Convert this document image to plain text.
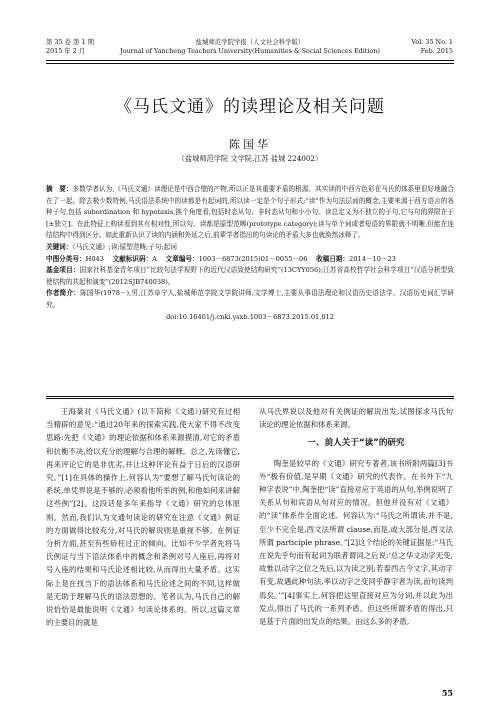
第 35 卷 第 1 期
2015 年 2 月
盐城师范学院学报（人文社会科学版）
Journal of Yancheng Teachers University(Humanities & Social Sciences Edition)
Vol. 35 No. 1
Feb. 2015
《马氏文通》的读理论及相关问题
陈国华
（盐城师范学院 文学院,江苏 盐城 224002）
摘　要：多数学者认为,《马氏文通》读理论是中西合璧的产物,所以正是其重要矛盾的根源。其实读的中西方色彩在马氏的体系里很好地融合在了一起。除去极少数特例,马氏语法系统中的读都是有起词的,所以读一定是个句子形式;“读”作为句法层面的概念,主要来源于西方语言的各种子句,包括 subordination 和 hypotaxis,换个角度看,包括时态从句、非时态从句和小小句。读总定义为不独立的子句,它与句的界限在于[±独立]。在此特征上构读看到其有相对性,所以句、读都是原型范畴(prototype category);读与单个词或者短语的界限就不明晰,但能在连结结构中得到区分。如此重新认识了读的内涵和外延之后,前辈学者指出的句读论的矛盾大多也就涣然冰释了。
关键词：《马氏文通》;读;原型范畴;子句;起词
中图分类号：H043　 文献标识码：A　 文章编号：1003－6873(2015)01－0055－06　 收稿日期：2014－10－23
基金项目：国家社科基金青年项目“比较句法学视野下的近代汉语致使结构研究”(13CYY056);江苏省高校哲学社会科学项目“汉语分析型致使结构的共起和演变”(2012SJB740038)。
作者简介：陈国华(1978－),男,江苏阜宁人,盐城师范学院文学院讲师,文学博士,主要从事语法理论和汉语历史语法学、汉语历史词汇学研究。
doi:10.16401/j.cnki.ysxb.1003－6873.2015.01.012

王海棻对《马氏文通》(以下简称《文通》)研究有过相当精辟的意见:“通过20年来的探索实践,使大家不得不改变思路:先把《文通》的理论依据和体系来源摸清,对它的矛盾和抗衡不决,给以充分的理解与合理的解释。总之,先读懂它,再来评论它的是非优劣,并让这种评论有益于日后的汉语研究。”[1]在具体的操作上,何容认为“要想了解马氏句读论的系统,单凭界说是不够的,必须看他所举的例,和他如何来讲解这些例”[2]。这段话是多年来指导《文通》研究的总体原则。然而,我们认为文通句读论的研究在注意《文通》例证的方面做得比较充分,对马氏的解说则是重视不够。在例证分析方面,甚至有些矫枉过正的倾向。比如不少学者先将马氏例证与当下语法体系中的概念和条例对号入座后,再将对号入座的结果和马氏论述相比较,从而得出大量矛盾。这实际上是在找当下的语法体系和马氏论述之间的不同,这样做是无助于理解马氏的语法思想的。笔者认为,马氏自己的解说恰恰是最能说明《文通》句读论体系的。所以,这篇文章的主要目的就是

从马氏界说以及他对有关例证的解说出发,试图探求马氏句读论的理论依据和体系来源。

一、前人关于“读”的研究

陶奎是较早的《文通》研究专著者,该书所附两篇[3]书外“极有价值,是早期《文通》研究的代表作。在书外下“九种字表说”中,陶奎把“读”直接对应于英语的从句,举例说明了关系从句和宾语从句对应的情况。但他并没有对《文通》的“读”体系作全面论述。何容认为:“马氏之所谓读,并不是,至少不完全是,西文法所谓 clause,而是,或大部分是,西文法所谓 participle phrase。”[2]这个结论的关键证据是:“马氏在说先乎句而有起词为联者谓词之后说:‘总之华文动字无变,故惟以动字之位之先后,以为读之别;若泰西古今文字,其动字有变,故遇此种句法,率以动字之变同乎静字者为读,而句读判焉矣。’”[4]事实上,何容把这里直接对应为分词,并以此为出发点,得出了马氏的一系列矛盾。但这些所谓矛盾的得出,只是基于片面的出发点的结果。由这么多的矛盾,

55
